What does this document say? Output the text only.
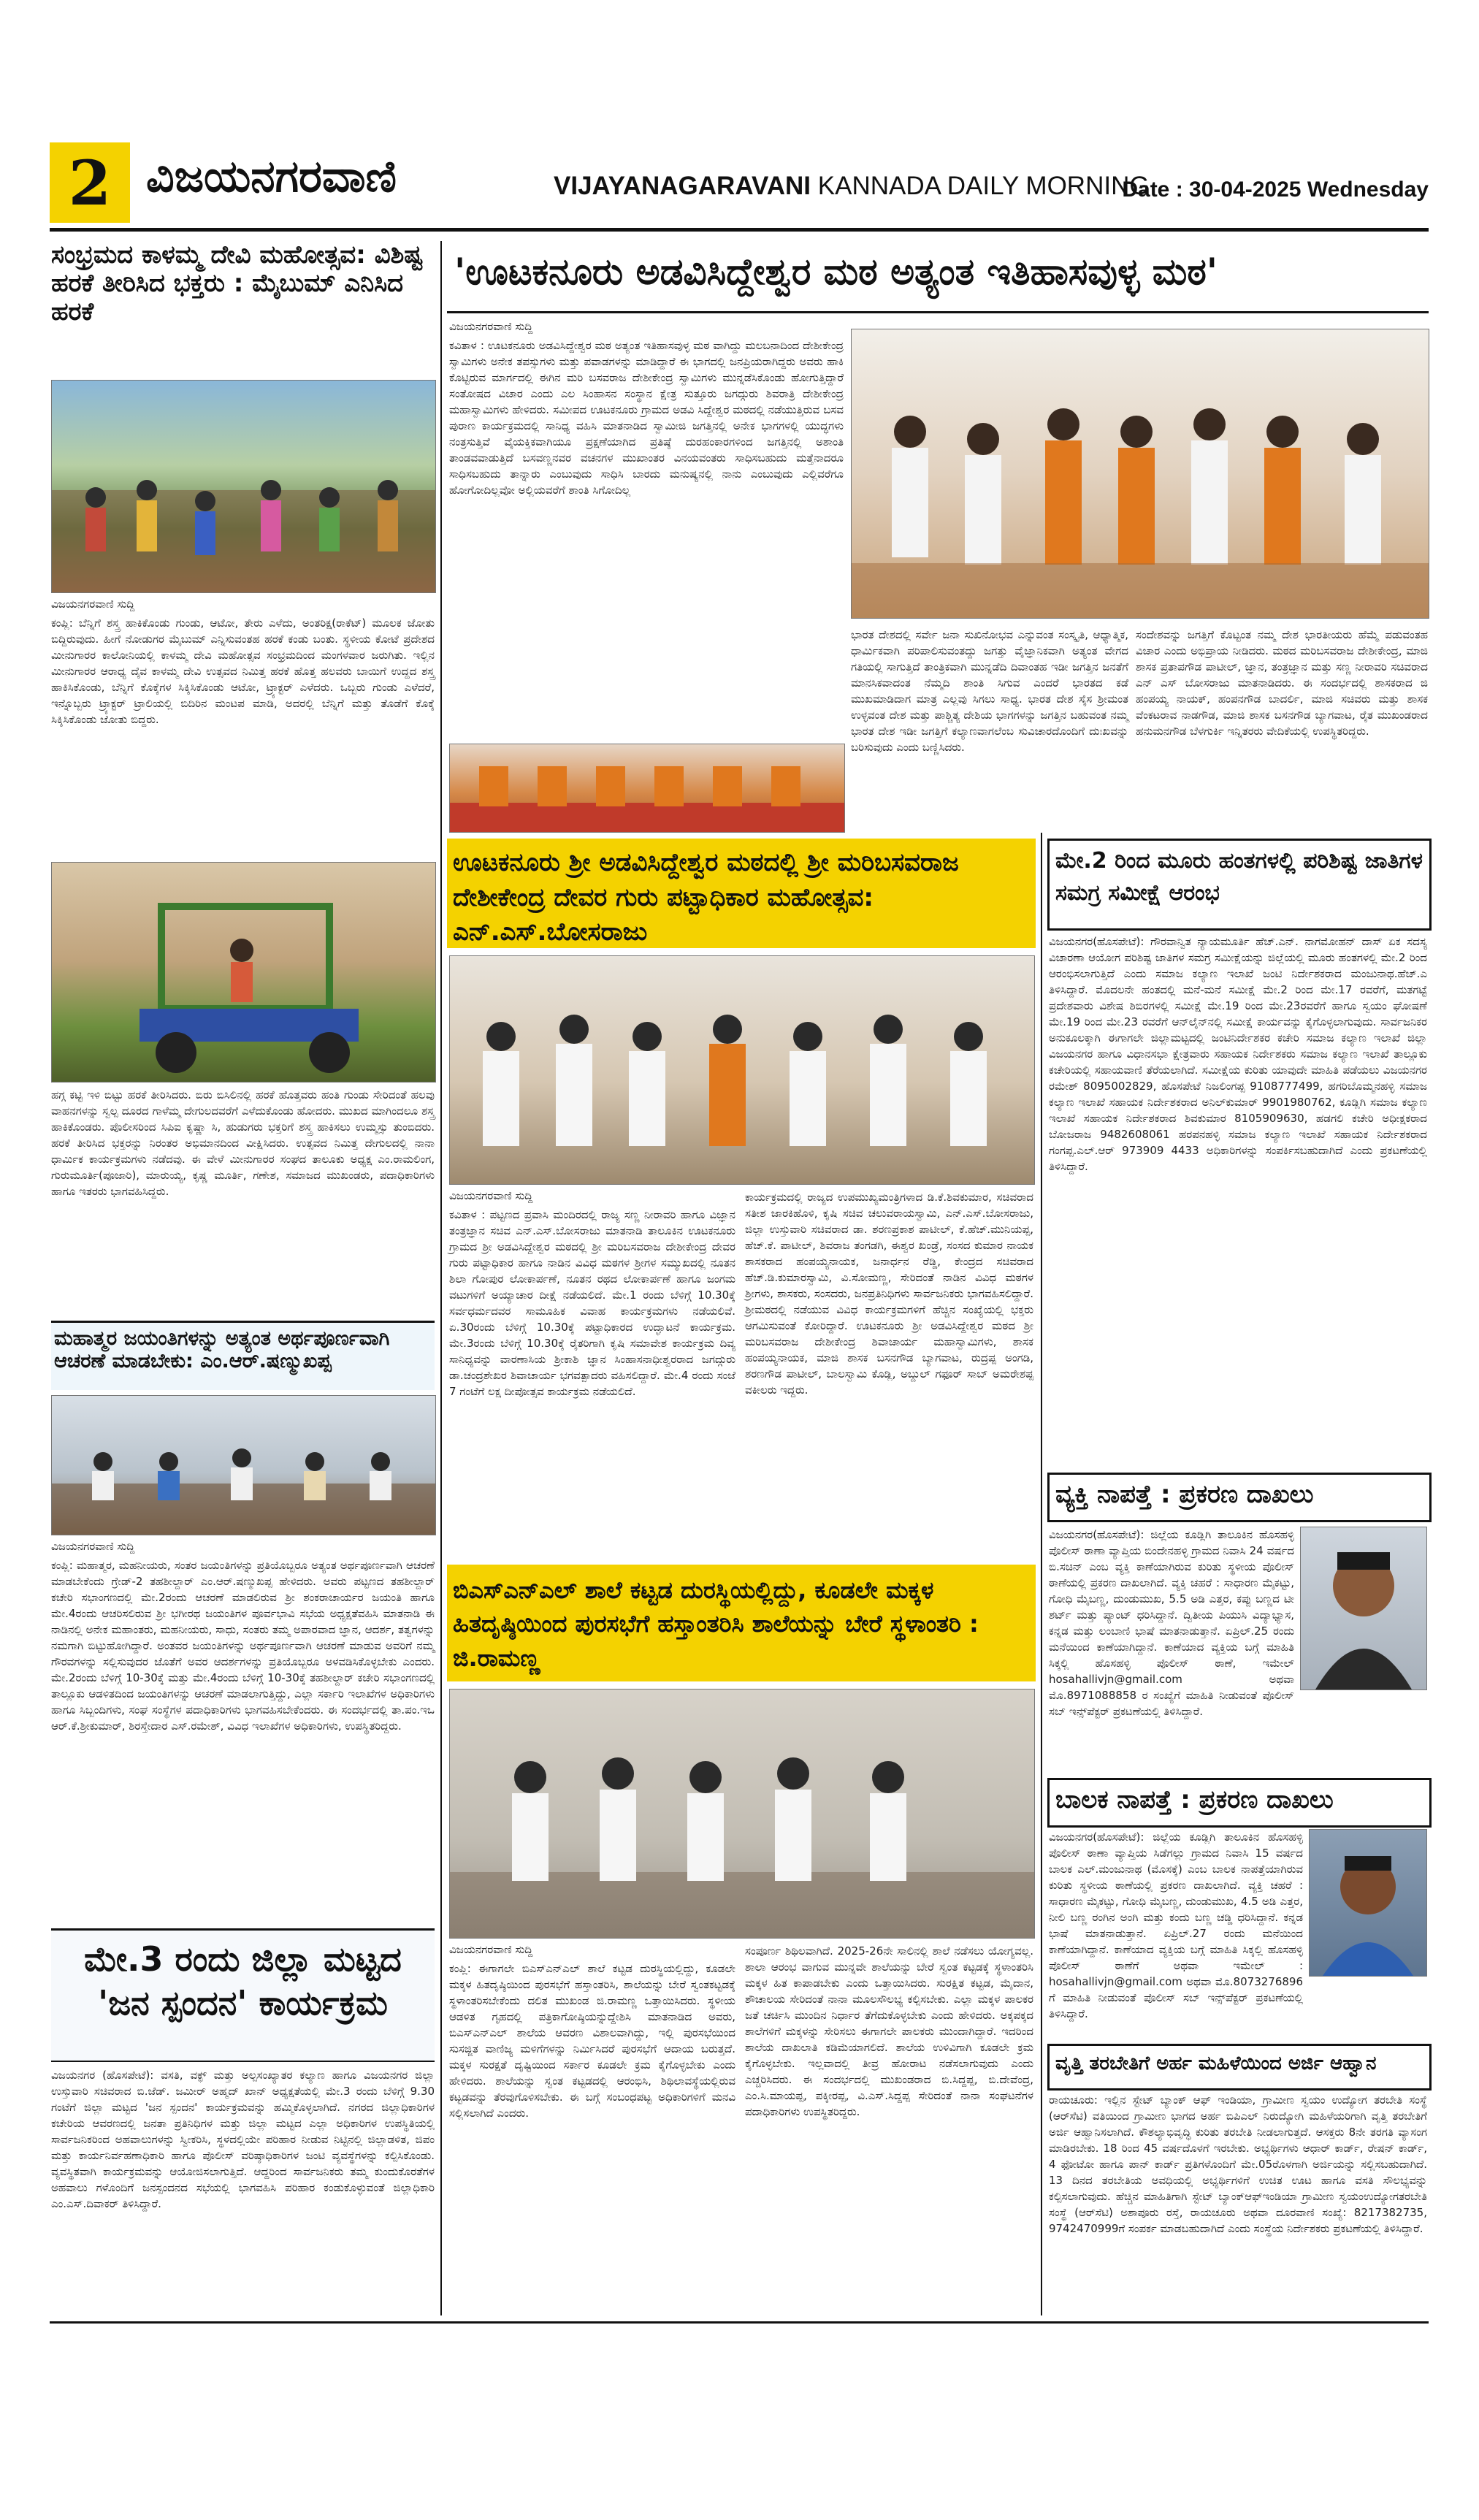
2 ವಿಜಯನಗರವಾಣಿ	VIJAYANAGARAVANI KANNADA DAILY MORNING
Date : 30-04-2025 Wednesday
ಸಂಭ್ರಮದ ಕಾಳಮ್ಮ ದೇವಿ ಮಹೋತ್ಸವ: ವಿಶಿಷ್ಟ ಹರಕೆ ತೀರಿಸಿದ ಭಕ್ತರು : ಮೈಬುಮ್ ಎನಿಸಿದ ಹರಕೆ
ವಿಜಯನಗರವಾಣಿ ಸುದ್ದಿ
ಕಂಪ್ಲಿ: ಬೆನ್ನಿಗೆ ಶಸ್ತ್ರ ಹಾಕಿಕೊಂಡು ಗುಂಡು, ಆಟೋ, ತೇರು ಎಳೆದು, ಅಂತರಿಕ್ಷ(ರಾಕೆಟ್) ಮೂಲಕ ಜೋತು ಬಿದ್ದಿರುವುದು. ಹೀಗೆ ನೋಡುಗರ ಮೈಬುಮ್ ಎನ್ನಿಸುವಂತಹ ಹರಕೆ ಕಂಡು ಬಂತು. ಸ್ಥಳೀಯ ಕೋಟೆ ಪ್ರದೇಶದ ಮೀನುಗಾರರ ಕಾಲೋನಿಯಲ್ಲಿ ಕಾಳಮ್ಮ ದೇವಿ ಮಹೋತ್ಸವ ಸಂಭ್ರಮದಿಂದ ಮಂಗಳವಾರ ಜರುಗಿತು. ಇಲ್ಲಿನ ಮೀನುಗಾರರ ಆರಾಧ್ಯ ದೈವ ಕಾಳಮ್ಮ ದೇವಿ ಉತ್ಸವದ ನಿಮಿತ್ತ ಹರಕೆ ಹೊತ್ತ ಹಲವರು ಬಾಯಿಗೆ ಉದ್ದದ ಶಸ್ತ್ರ ಹಾಕಿಸಿಕೊಂಡು, ಬೆನ್ನಿಗೆ ಕೊಕ್ಕೆಗಳ ಸಿಕ್ಕಿಸಿಕೊಂಡು ಆಟೋ, ಟ್ರ್ಯಾಕ್ಟರ್ ಎಳೆದರು. ಒಬ್ಬರು ಗುಂಡು ಎಳೆದರೆ, ಇನ್ನೊಬ್ಬರು ಟ್ರ್ಯಾಕ್ಟರ್ ಟ್ರಾಲಿಯಲ್ಲಿ ಬಿದಿರಿನ ಮಂಟಪ ಮಾಡಿ, ಅದರಲ್ಲಿ ಬೆನ್ನಿಗೆ ಮತ್ತು ತೊಡೆಗೆ ಕೊಕ್ಕೆ ಸಿಕ್ಕಿಸಿಕೊಂಡು ಜೋತು ಬಿದ್ದರು.
ಹಗ್ಗ ಕಟ್ಟಿ ಇಳಿ ಬಿಟ್ಟು ಹರಕೆ ತೀರಿಸಿದರು. ಬಿರು ಬಿಸಿಲಿನಲ್ಲಿ ಹರಕೆ ಹೊತ್ತವರು ಹಂತಿ ಗುಂಡು ಸೇರಿದಂತೆ ಹಲವು ವಾಹನಗಳನ್ನು ಸ್ವಲ್ಪ ದೂರದ ಗಾಳೆಮ್ಮ ದೇಗುಲದವರೆಗೆ ಎಳೆದುಕೊಂಡು ಹೋದರು. ಮುಖದ ಮಾಗಿಂದಲೂ ಶಸ್ತ್ರ ಹಾಕಿಕೊಂಡರು. ಪೊಲೀಸರಿಂದ ಸಿಪಿಐ ಕೃಷ್ಣಾ ಸಿ, ಹುಡುಗರು ಭಕ್ತರಿಗೆ ಶಸ್ತ್ರ ಹಾಕಿಸಲು ಉಮ್ಮಸ್ಸು ತುಂಬಿದರು. ಹರಕೆ ತೀರಿಸಿದ ಭಕ್ತರನ್ನು ನಿರಂತರ ಅಭಿಮಾನದಿಂದ ವೀಕ್ಷಿಸಿದರು. ಉತ್ಸವದ ನಿಮಿತ್ತ ದೇಗುಲದಲ್ಲಿ ನಾನಾ ಧಾರ್ಮಿಕ ಕಾರ್ಯಕ್ರಮಗಳು ನಡೆದವು. ಈ ವೇಳೆ ಮೀನುಗಾರರ ಸಂಘದ ತಾಲೂಕು ಅಧ್ಯಕ್ಷ ಎಂ.ರಾಮಲಿಂಗ, ಗುರುಮೂರ್ತಿ(ಪೂಜಾರಿ), ಮಾರುಯ್ಯ, ಕೃಷ್ಣ ಮೂರ್ತಿ, ಗಣೇಶ, ಸಮಾಜದ ಮುಖಂಡರು, ಪದಾಧಿಕಾರಿಗಳು ಹಾಗೂ ಇತರರು ಭಾಗವಹಿಸಿದ್ದರು.
ಮಹಾತ್ಮರ ಜಯಂತಿಗಳನ್ನು ಅತ್ಯಂತ ಅರ್ಥಪೂರ್ಣವಾಗಿ ಆಚರಣೆ ಮಾಡಬೇಕು: ಎಂ.ಆರ್.ಷಣ್ಮುಖಪ್ಪ
ವಿಜಯನಗರವಾಣಿ ಸುದ್ದಿ
ಕಂಪ್ಲಿ: ಮಹಾತ್ಮರ, ಮಹನೀಯರು, ಸಂತರ ಜಯಂತಿಗಳನ್ನು ಪ್ರತಿಯೊಬ್ಬರೂ ಅತ್ಯಂತ ಅರ್ಥಪೂರ್ಣವಾಗಿ ಆಚರಣೆ ಮಾಡಬೇಕೆಂದು ಗ್ರೇಡ್-2 ತಹಶೀಲ್ದಾರ್ ಎಂ.ಆರ್.ಷಣ್ಮುಖಪ್ಪ ಹೇಳಿದರು. ಅವರು ಪಟ್ಟಣದ ತಹಶೀಲ್ದಾರ್ ಕಚೇರಿ ಸಭಾಂಗಣದಲ್ಲಿ ಮೇ.2ರಂದು ಆಚರಣೆ ಮಾಡಲಿರುವ ಶ್ರೀ ಶಂಕರಾಚಾರ್ಯರ ಜಯಂತಿ ಹಾಗೂ ಮೇ.4ರಂದು ಆಚರಿಸಲಿರುವ ಶ್ರೀ ಭಗೀರಥ ಜಯಂತಿಗಳ ಪೂರ್ವಭಾವಿ ಸಭೆಯ ಅಧ್ಯಕ್ಷತೆವಹಿಸಿ ಮಾತನಾಡಿ ಈ ನಾಡಿನಲ್ಲಿ ಅನೇಕ ಮಹಾಂತರು, ಮಹನೀಯರು, ಸಾಧು, ಸಂತರು ತಮ್ಮ ಅಪಾರವಾದ ಜ್ಞಾನ, ಆದರ್ಶ, ತತ್ವಗಳನ್ನು ನಮಗಾಗಿ ಬಿಟ್ಟುಹೋಗಿದ್ದಾರೆ. ಅಂತವರ ಜಯಂತಿಗಳನ್ನು ಅರ್ಥಪೂರ್ಣವಾಗಿ ಆಚರಣೆ ಮಾಡುವ ಅವರಿಗೆ ನಮ್ಮ ಗೌರವಗಳನ್ನು ಸಲ್ಲಿಸುವುದರ ಜೊತೆಗೆ ಅವರ ಆದರ್ಶಗಳನ್ನು ಪ್ರತಿಯೊಬ್ಬರೂ ಅಳವಡಿಸಿಕೊಳ್ಳಬೇಕು ಎಂದರು. ಮೇ.2ರಂದು ಬೆಳಿಗ್ಗೆ 10-30ಕ್ಕೆ ಮತ್ತು ಮೇ.4ರಂದು ಬೆಳಿಗ್ಗೆ 10-30ಕ್ಕೆ ತಹಶೀಲ್ದಾರ್ ಕಚೇರಿ ಸಭಾಂಗಣದಲ್ಲಿ ತಾಲ್ಲೂಕು ಆಡಳಿತದಿಂದ ಜಯಂತಿಗಳನ್ನು ಆಚರಣೆ ಮಾಡಲಾಗುತ್ತಿದ್ದು, ಎಲ್ಲಾ ಸರ್ಕಾರಿ ಇಲಾಖೆಗಳ ಅಧಿಕಾರಿಗಳು ಹಾಗೂ ಸಿಬ್ಬಂದಿಗಳು, ಸಂಘ ಸಂಸ್ಥೆಗಳ ಪದಾಧಿಕಾರಿಗಳು ಭಾಗವಹಿಸಬೇಕೆಂದರು. ಈ ಸಂದರ್ಭದಲ್ಲಿ ತಾ.ಪಂ.ಇಒ ಆರ್.ಕೆ.ಶ್ರೀಕುಮಾರ್, ಶಿರಸ್ತೇದಾರ ಎಸ್.ರಮೇಶ್, ವಿವಿಧ ಇಲಾಖೆಗಳ ಅಧಿಕಾರಿಗಳು, ಉಪಸ್ಥಿತರಿದ್ದರು.
ಮೇ.3 ರಂದು ಜಿಲ್ಲಾ ಮಟ್ಟದ 'ಜನ ಸ್ಪಂದನ' ಕಾರ್ಯಕ್ರಮ
ವಿಜಯನಗರ (ಹೊಸಪೇಟೆ): ವಸತಿ, ವಕ್ಫ್ ಮತ್ತು ಅಲ್ಪಸಂಖ್ಯಾತರ ಕಲ್ಯಾಣ ಹಾಗೂ ವಿಜಯನಗರ ಜಿಲ್ಲಾ ಉಸ್ತುವಾರಿ ಸಚಿವರಾದ ಬಿ.ಜೆಡ್. ಜಮೀರ್ ಅಹ್ಮದ್ ಖಾನ್ ಅಧ್ಯಕ್ಷತೆಯಲ್ಲಿ ಮೇ.3 ರಂದು ಬೆಳಿಗ್ಗೆ 9.30 ಗಂಟೆಗೆ ಜಿಲ್ಲಾ ಮಟ್ಟದ 'ಜನ ಸ್ಪಂದನ' ಕಾರ್ಯಕ್ರಮವನ್ನು ಹಮ್ಮಿಕೊಳ್ಳಲಾಗಿದೆ. ನಗರದ ಜಿಲ್ಲಾಧಿಕಾರಿಗಳ ಕಚೇರಿಯ ಆವರಣದಲ್ಲಿ ಜನತಾ ಪ್ರತಿನಿಧಿಗಳ ಮತ್ತು ಜಿಲ್ಲಾ ಮಟ್ಟದ ಎಲ್ಲಾ ಅಧಿಕಾರಿಗಳ ಉಪಸ್ಥಿತಿಯಲ್ಲಿ ಸಾರ್ವಜನಿಕರಿಂದ ಅಹವಾಲುಗಳನ್ನು ಸ್ವೀಕರಿಸಿ, ಸ್ಥಳದಲ್ಲಿಯೇ ಪರಿಹಾರ ನೀಡುವ ನಿಟ್ಟಿನಲ್ಲಿ ಜಿಲ್ಲಾಡಳಿತ, ಜಿಪಂ ಮತ್ತು ಕಾರ್ಯನಿರ್ವಹಣಾಧಿಕಾರಿ ಹಾಗೂ ಪೊಲೀಸ್ ವರಿಷ್ಠಾಧಿಕಾರಿಗಳ ಜಂಟಿ ವ್ಯವಸ್ಥೆಗಳನ್ನು ಕಲ್ಪಿಸಿಕೊಂಡು. ವ್ಯವಸ್ಥಿತವಾಗಿ ಕಾರ್ಯಕ್ರಮವನ್ನು ಆಯೋಜಿಸಲಾಗುತ್ತಿದೆ. ಆದ್ದರಿಂದ ಸಾರ್ವಜನಿಕರು ತಮ್ಮ ಕುಂದುಕೊರತೆಗಳ ಅಹವಾಲು ಗಳೊಂದಿಗೆ ಜನಸ್ಪಂದನದ ಸಭೆಯಲ್ಲಿ ಭಾಗವಹಿಸಿ ಪರಿಹಾರ ಕಂಡುಕೊಳ್ಳುವಂತೆ ಜಿಲ್ಲಾಧಿಕಾರಿ ಎಂ.ಎಸ್.ದಿವಾಕರ್ ತಿಳಿಸಿದ್ದಾರೆ.
'ಊಟಕನೂರು ಅಡವಿಸಿದ್ದೇಶ್ವರ ಮಠ ಅತ್ಯಂತ ಇತಿಹಾಸವುಳ್ಳ ಮಠ'
ವಿಜಯನಗರವಾಣಿ ಸುದ್ದಿ
ಕವಿತಾಳ : ಊಟಕನೂರು ಅಡವಿಸಿದ್ದೇಶ್ವರ ಮಠ ಅತ್ಯಂತ ಇತಿಹಾಸವುಳ್ಳ ಮಠ ವಾಗಿದ್ದು ಮಲಬನಾದಿಂದ ದೇಶೀಕೇಂದ್ರ ಸ್ವಾಮಿಗಳು ಅನೇಕ ತಪಸ್ಸುಗಳು ಮತ್ತು ಪವಾಡಗಳನ್ನು ಮಾಡಿದ್ದಾರೆ ಈ ಭಾಗದಲ್ಲಿ ಜನಪ್ರಿಯರಾಗಿದ್ದರು ಅವರು ಹಾಕಿ ಕೊಟ್ಟಿರುವ ಮಾರ್ಗದಲ್ಲಿ ಈಗಿನ ಮರಿ ಬಸವರಾಜ ದೇಶೀಕೇಂದ್ರ ಸ್ವಾಮಿಗಳು ಮುನ್ನಡೆಸಿಕೊಂಡು ಹೋಗುತ್ತಿದ್ದಾರೆ ಸಂತೋಷದ ವಿಚಾರ ಎಂದು ಎಲ ಸಿಂಹಾಸನ ಸಂಸ್ಥಾನ ಕ್ಷೇತ್ರ ಸುತ್ತೂರು ಜಗದ್ಗುರು ಶಿವರಾತ್ರಿ ದೇಶೀಕೇಂದ್ರ ಮಹಾಸ್ವಾಮಿಗಳು ಹೇಳಿದರು. ಸಮೀಪದ ಊಟಕನೂರು ಗ್ರಾಮದ ಅಡವಿ ಸಿದ್ದೇಶ್ವರ ಮಠದಲ್ಲಿ ನಡೆಯುತ್ತಿರುವ ಬಸವ ಪುರಾಣ ಕಾರ್ಯಕ್ರಮದಲ್ಲಿ ಸಾನಿಧ್ಯ ವಹಿಸಿ ಮಾತನಾಡಿದ ಸ್ವಾಮೀಜಿ ಜಗತ್ತಿನಲ್ಲಿ ಅನೇಕ ಭಾಗಗಳಲ್ಲಿ ಯುದ್ಧಗಳು ನಂತ್ರಸುತ್ತಿವೆ ವೈಯಕ್ತಿಕವಾಗಿಯೂ ಪ್ರಕ್ಷಣೆಯಾಗಿದ ಪ್ರತಿಷ್ಠೆ ದುರಹಂಕಾರಗಳಿಂದ ಜಗತ್ತಿನಲ್ಲಿ ಅಶಾಂತಿ ತಾಂಡವವಾಡುತ್ತಿದೆ ಬಸವಣ್ಣನವರ ವಚನಗಳ ಮುಖಾಂತರ ವಿನಯವಂತರು ಸಾಧಿಸಬಹುದು ಮತ್ತೆನಾದರೂ ಸಾಧಿಸಬಹುದು ತಾನ್ನಾರು ಎಂಬುವುದು ಸಾಧಿಸಿ ಬಾರದು ಮನುಷ್ಯನಲ್ಲಿ ನಾನು ಎಂಬುವುದು ಎಲ್ಲಿವರೆಗೂ ಹೋಗೋದಿಲ್ಲವೋ ಅಲ್ಲಿಯವರೆಗೆ ಶಾಂತಿ ಸಿಗೋದಿಲ್ಲ
ಭಾರತ ದೇಶದಲ್ಲಿ ಸರ್ವೇ ಜನಾ ಸುಖಿನೋಭವ ಎನ್ನುವಂತ ಸಂಸ್ಕೃತಿ, ಆಧ್ಯಾತ್ಮಿಕ, ಧಾರ್ಮಿಕವಾಗಿ ಪರಿಪಾಲಿಸುವಂತದ್ದು ಜಗತ್ತು ವೈಜ್ಞಾನಿಕವಾಗಿ ಅತ್ಯಂತ ವೇಗದ ಗತಿಯಲ್ಲಿ ಸಾಗುತ್ತಿದೆ ತಾಂತ್ರಿಕವಾಗಿ ಮುನ್ನಡೆದಿ ದಿವಾಂತಹ ಇಡೀ ಜಗತ್ತಿನ ಜನತೆಗೆ ಮಾನಸಿಕವಾದಂತ ನೆಮ್ಮದಿ ಶಾಂತಿ ಸಿಗುವ ಎಂದರೆ ಭಾರತದ ಕಡೆ ಮುಖಮಾಡಿದಾಗ ಮಾತ್ರ ಎಲ್ಲವು ಸಿಗಲು ಸಾಧ್ಯ. ಭಾರತ ದೇಶ ಸೈಸ ಶ್ರೀಮಂತ ಉಳ್ಳವಂತ ದೇಶ ಮತ್ತು ಪಾಶ್ಚಿತ್ಯ ದೇಶಿಯ ಭಾಗಗಳನ್ನು ಜಗತ್ತಿನ ಬಹುವಂತ ನಮ್ಮ ಭಾರತ ದೇಶ ಇಡೀ ಜಗತ್ತಿಗೆ ಕಲ್ಯಾಣವಾಗಲೆಂಬ ಸುವಿಚಾರದೊಂದಿಗೆ ದುಃಖವನ್ನು ಬರಿಸುವುದು ಎಂದು ಬಣ್ಣಿಸಿದರು.
ಸಂದೇಶವನ್ನು ಜಗತ್ತಿಗೆ ಕೊಟ್ಟಂತ ನಮ್ಮ ದೇಶ ಭಾರತೀಯರು ಹೆಮ್ಮೆ ಪಡುವಂತಹ ವಿಚಾರ ಎಂದು ಅಭಿಪ್ರಾಯ ನೀಡಿದರು. ಮಠದ ಮರಿಬಸವರಾಜ ದೇಶೀಕೇಂದ್ರ, ಮಾಜಿ ಶಾಸಕ ಪ್ರತಾಪಗೌಡ ಪಾಟೀಲ್, ಜ್ಞಾನ, ತಂತ್ರಜ್ಞಾನ ಮತ್ತು ಸಣ್ಣ ನೀರಾವರಿ ಸಚಿವರಾದ ಎನ್ ಎಸ್ ಬೋಸರಾಜು ಮಾತನಾಡಿದರು. ಈ ಸಂದರ್ಭದಲ್ಲಿ ಶಾಸಕರಾದ ಜಿ ಹಂಪಯ್ಯ ನಾಯಕ್, ಹಂಪನಗೌಡ ಬಾದರ್ಲಿ, ಮಾಜಿ ಸಚಿವರು ಮತ್ತು ಶಾಸಕ ವೆಂಕಟರಾವ ನಾಡಗೌಡ, ಮಾಜಿ ಶಾಸಕ ಬಸನಗೌಡ ಬ್ಯಾಗವಾಟ, ರೈತ ಮುಖಂಡರಾದ ಹನುಮನಗೌಡ ಬೆಳಗುರ್ಕಿ ಇನ್ನಿತರರು ವೇದಿಕೆಯಲ್ಲಿ ಉಪಸ್ಥಿತರಿದ್ದರು.
ಊಟಕನೂರು ಶ್ರೀ ಅಡವಿಸಿದ್ದೇಶ್ವರ ಮಠದಲ್ಲಿ ಶ್ರೀ ಮರಿಬಸವರಾಜ ದೇಶೀಕೇಂದ್ರ ದೇವರ ಗುರು ಪಟ್ಟಾಧಿಕಾರ ಮಹೋತ್ಸವ: ಎನ್.ಎಸ್.ಬೋಸರಾಜು
ವಿಜಯನಗರವಾಣಿ ಸುದ್ದಿ
ಕವಿತಾಳ : ಪಟ್ಟಣದ ಪ್ರವಾಸಿ ಮಂದಿರದಲ್ಲಿ ರಾಜ್ಯ ಸಣ್ಣ ನೀರಾವರಿ ಹಾಗೂ ವಿಜ್ಞಾನ ತಂತ್ರಜ್ಞಾನ ಸಚಿವ ಎನ್.ಎಸ್.ಬೋಸರಾಜು ಮಾತನಾಡಿ ತಾಲೂಕಿನ ಊಟಕನೂರು ಗ್ರಾಮದ ಶ್ರೀ ಅಡವಿಸಿದ್ದೇಶ್ವರ ಮಠದಲ್ಲಿ ಶ್ರೀ ಮರಿಬಸವರಾಜ ದೇಶೀಕೇಂದ್ರ ದೇವರ ಗುರು ಪಟ್ಟಾಧಿಕಾರ ಹಾಗೂ ನಾಡಿನ ವಿವಿಧ ಮಠಗಳ ಶ್ರೀಗಳ ಸಮ್ಮುಖದಲ್ಲಿ ನೂತನ ಶಿಲಾ ಗೋಪುರ ಲೋಕಾರ್ಪಣೆ, ನೂತನ ರಥದ ಲೋಕಾರ್ಪಣೆ ಹಾಗೂ ಜಂಗಮ ವಟುಗಳಿಗೆ ಅಯ್ಯಾಚಾರ ದೀಕ್ಷೆ ನಡೆಯಲಿದೆ. ಮೇ.1 ರಂದು ಬೆಳಿಗ್ಗೆ 10.30ಕ್ಕೆ ಸರ್ವಧರ್ಮದವರ ಸಾಮೂಹಿಕ ವಿವಾಹ ಕಾರ್ಯಕ್ರಮಗಳು ನಡೆಯಲಿವೆ. ಏ.30ರಂದು ಬೆಳಿಗ್ಗೆ 10.30ಕ್ಕೆ ಪಟ್ಟಾಧಿಕಾರದ ಉದ್ಘಾಟನೆ ಕಾರ್ಯಕ್ರಮ. ಮೇ.3ರಂದು ಬೆಳಿಗ್ಗೆ 10.30ಕ್ಕೆ ರೈತರಿಗಾಗಿ ಕೃಷಿ ಸಮಾವೇಶ ಕಾರ್ಯಕ್ರಮ ದಿವ್ಯ ಸಾನಿಧ್ಯವನ್ನು ವಾರಣಾಸಿಯ ಶ್ರೀಕಾಶಿ ಜ್ಞಾನ ಸಿಂಹಾಸನಾಧೀಶ್ವರರಾದ ಜಗದ್ಗುರು ಡಾ.ಚಂದ್ರಶೇಖರ ಶಿವಾಚಾರ್ಯ ಭಗವತ್ಪಾದರು ವಹಿಸಲಿದ್ದಾರೆ. ಮೇ.4 ರಂದು ಸಂಜೆ 7 ಗಂಟೆಗೆ ಲಕ್ಷ ದೀಪೋತ್ಸವ ಕಾರ್ಯಕ್ರಮ ನಡೆಯಲಿದೆ.
ಕಾರ್ಯಕ್ರಮದಲ್ಲಿ ರಾಜ್ಯದ ಉಪಮುಖ್ಯಮಂತ್ರಿಗಳಾದ ಡಿ.ಕೆ.ಶಿವಕುಮಾರ, ಸಚಿವರಾದ ಸತೀಶ ಜಾರಕಿಹೊಳಿ, ಕೃಷಿ ಸಚಿವ ಚಲುವರಾಯಸ್ವಾಮಿ, ಎನ್.ಎಸ್.ಬೋಸರಾಜು, ಜಿಲ್ಲಾ ಉಸ್ತುವಾರಿ ಸಚಿವರಾದ ಡಾ. ಶರಣಪ್ರಕಾಶ ಪಾಟೀಲ್, ಕೆ.ಹೆಚ್.ಮುನಿಯಪ್ಪ, ಹೆಚ್.ಕೆ. ಪಾಟೀಲ್, ಶಿವರಾಜ ತಂಗಡಗಿ, ಈಶ್ವರ ಖಂಡ್ರೆ, ಸಂಸದ ಕುಮಾರ ನಾಯಕ ಶಾಸಕರಾದ ಹಂಪಯ್ಯನಾಯಕ, ಜನಾರ್ಧನ ರೆಡ್ಡಿ, ಕೇಂದ್ರದ ಸಚಿವರಾದ ಹೆಚ್.ಡಿ.ಕುಮಾರಸ್ವಾಮಿ, ವಿ.ಸೋಮಣ್ಣ, ಸೇರಿದಂತೆ ನಾಡಿನ ವಿವಿಧ ಮಠಗಳ ಶ್ರೀಗಳು, ಶಾಸಕರು, ಸಂಸದರು, ಜನಪ್ರತಿನಿಧಿಗಳು ಸಾರ್ವಜನಿಕರು ಭಾಗವಹಿಸಲಿದ್ದಾರೆ. ಶ್ರೀಮಠದಲ್ಲಿ ನಡೆಯುವ ವಿವಿಧ ಕಾರ್ಯಕ್ರಮಗಳಿಗೆ ಹೆಚ್ಚಿನ ಸಂಖ್ಯೆಯಲ್ಲಿ ಭಕ್ತರು ಆಗಮಿಸುವಂತೆ ಕೋರಿದ್ದಾರೆ. ಊಟಕನೂರು ಶ್ರೀ ಅಡವಿಸಿದ್ದೇಶ್ವರ ಮಠದ ಶ್ರೀ ಮರಿಬಸವರಾಜ ದೇಶೀಕೇಂದ್ರ ಶಿವಾಚಾರ್ಯ ಮಹಾಸ್ವಾಮಿಗಳು, ಶಾಸಕ ಹಂಪಯ್ಯನಾಯಕ, ಮಾಜಿ ಶಾಸಕ ಬಸನಗೌಡ ಬ್ಯಾಗವಾಟ, ರುದ್ರಪ್ಪ ಅಂಗಡಿ, ಶರಣಗೌಡ ಪಾಟೀಲ್, ಬಾಲಸ್ವಾಮಿ ಕೊಡ್ಲಿ, ಅಬ್ದುಲ್ ಗಫೂರ್ ಸಾಬ್ ಅಮರೇಶಪ್ಪ ವಕೀಲರು ಇದ್ದರು.
ಬಿಎಸ್ಎನ್ಎಲ್ ಶಾಲೆ ಕಟ್ಟಡ ದುರಸ್ಥಿಯಲ್ಲಿದ್ದು, ಕೂಡಲೇ ಮಕ್ಕಳ ಹಿತದೃಷ್ಠಿಯಿಂದ ಪುರಸಭೆಗೆ ಹಸ್ತಾಂತರಿಸಿ ಶಾಲೆಯನ್ನು ಬೇರೆ ಸ್ಥಳಾಂತರಿ : ಜಿ.ರಾಮಣ್ಣ
ವಿಜಯನಗರವಾಣಿ ಸುದ್ದಿ
ಕಂಪ್ಲಿ: ಈಗಾಗಲೇ ಬಿಎಸ್ಎನ್ಎಲ್ ಶಾಲೆ ಕಟ್ಟಡ ದುರಸ್ಥಿಯಲ್ಲಿದ್ದು, ಕೂಡಲೇ ಮಕ್ಕಳ ಹಿತದೃಷ್ಠಿಯಿಂದ ಪುರಸಭೆಗೆ ಹಸ್ತಾಂತರಿಸಿ, ಶಾಲೆಯನ್ನು ಬೇರೆ ಸ್ವಂತಕಟ್ಟಡಕ್ಕೆ ಸ್ಥಳಾಂತರಿಸಬೇಕೆಂದು ದಲಿತ ಮುಖಂಡ ಜಿ.ರಾಮಣ್ಣ ಒತ್ತಾಯಿಸಿದರು. ಸ್ಥಳೀಯ ಆಡಳಿತ ಗೃಹದಲ್ಲಿ ಪತ್ರಿಕಾಗೋಷ್ಠಿಯನ್ನುದ್ದೇಶಿಸಿ ಮಾತನಾಡಿದ ಅವರು, ಬಿಎಸ್ಎನ್ಎಲ್ ಶಾಲೆಯ ಆವರಣ ವಿಶಾಲವಾಗಿದ್ದು, ಇಲ್ಲಿ ಪುರಸಭೆಯಿಂದ ಸುಸಜ್ಜಿತ ವಾಣಿಜ್ಯ ಮಳಿಗೆಗಳನ್ನು ನಿರ್ಮಿಸಿದರೆ ಪುರಸಭೆಗೆ ಆದಾಯ ಬರುತ್ತದೆ. ಮಕ್ಕಳ ಸುರಕ್ಷತೆ ದೃಷ್ಟಿಯಿಂದ ಸರ್ಕಾರ ಕೂಡಲೇ ಕ್ರಮ ಕೈಗೊಳ್ಳಬೇಕು ಎಂದು ಹೇಳಿದರು. ಶಾಲೆಯನ್ನು ಸ್ವಂತ ಕಟ್ಟಡದಲ್ಲಿ ಆರಂಭಿಸಿ, ಶಿಥಿಲಾವಸ್ಥೆಯಲ್ಲಿರುವ ಕಟ್ಟಡವನ್ನು ತೆರವುಗೊಳಿಸಬೇಕು. ಈ ಬಗ್ಗೆ ಸಂಬಂಧಪಟ್ಟ ಅಧಿಕಾರಿಗಳಿಗೆ ಮನವಿ ಸಲ್ಲಿಸಲಾಗಿದೆ ಎಂದರು.
ಸಂಪೂರ್ಣ ಶಿಥಿಲವಾಗಿದೆ. 2025-26ನೇ ಸಾಲಿನಲ್ಲಿ ಶಾಲೆ ನಡೆಸಲು ಯೋಗ್ಯವಲ್ಲ. ಶಾಲಾ ಆರಂಭ ವಾಗುವ ಮುನ್ನವೇ ಶಾಲೆಯನ್ನು ಬೇರೆ ಸ್ವಂತ ಕಟ್ಟಡಕ್ಕೆ ಸ್ಥಳಾಂತರಿಸಿ ಮಕ್ಕಳ ಹಿತ ಕಾಪಾಡಬೇಕು ಎಂದು ಒತ್ತಾಯಿಸಿದರು. ಸುರಕ್ಷಿತ ಕಟ್ಟಡ, ಮೈದಾನ, ಶೌಚಾಲಯ ಸೇರಿದಂತೆ ನಾನಾ ಮೂಲಸೌಲಭ್ಯ ಕಲ್ಪಿಸಬೇಕು. ಎಲ್ಲಾ ಮಕ್ಕಳ ಪಾಲಕರ ಜತೆ ಚರ್ಚಿಸಿ ಮುಂದಿನ ನಿರ್ಧಾರ ತೆಗೆದುಕೊಳ್ಳಬೇಕು ಎಂದು ಹೇಳಿದರು. ಅಕ್ಕಪಕ್ಕದ ಶಾಲೆಗಳಿಗೆ ಮಕ್ಕಳನ್ನು ಸೇರಿಸಲು ಈಗಾಗಲೇ ಪಾಲಕರು ಮುಂದಾಗಿದ್ದಾರೆ. ಇದರಿಂದ ಶಾಲೆಯ ದಾಖಲಾತಿ ಕಡಿಮೆಯಾಗಲಿದೆ. ಶಾಲೆಯ ಉಳಿವಿಗಾಗಿ ಕೂಡಲೇ ಕ್ರಮ ಕೈಗೊಳ್ಳಬೇಕು. ಇಲ್ಲವಾದಲ್ಲಿ ತೀವ್ರ ಹೋರಾಟ ನಡೆಸಲಾಗುವುದು ಎಂದು ಎಚ್ಚರಿಸಿದರು. ಈ ಸಂದರ್ಭದಲ್ಲಿ ಮುಖಂಡರಾದ ಬಿ.ಸಿದ್ದಪ್ಪ, ಬಿ.ದೇವೆಂದ್ರ, ಎಂ.ಸಿ.ಮಾಯಪ್ಪ, ಪಕ್ಕೀರಪ್ಪ, ವಿ.ಎಸ್.ಸಿದ್ದಪ್ಪ ಸೇರಿದಂತೆ ನಾನಾ ಸಂಘಟನೆಗಳ ಪದಾಧಿಕಾರಿಗಳು ಉಪಸ್ಥಿತರಿದ್ದರು.
ಮೇ.2 ರಿಂದ ಮೂರು ಹಂತಗಳಲ್ಲಿ ಪರಿಶಿಷ್ಟ ಜಾತಿಗಳ ಸಮಗ್ರ ಸಮೀಕ್ಷೆ ಆರಂಭ
ವಿಜಯನಗರ(ಹೊಸಪೇಟೆ): ಗೌರವಾನ್ವಿತ ನ್ಯಾಯಮೂರ್ತಿ ಹೆಚ್.ಎನ್. ನಾಗಮೋಹನ್ ದಾಸ್ ಏಕ ಸದಸ್ಯ ವಿಚಾರಣಾ ಆಯೋಗ ಪರಿಶಿಷ್ಟ ಜಾತಿಗಳ ಸಮಗ್ರ ಸಮೀಕ್ಷೆಯನ್ನು ಜಿಲ್ಲೆಯಲ್ಲಿ ಮೂರು ಹಂತಗಳಲ್ಲಿ ಮೇ.2 ರಿಂದ ಆರಂಭಿಸಲಾಗುತ್ತಿದೆ ಎಂದು ಸಮಾಜ ಕಲ್ಯಾಣ ಇಲಾಖೆ ಜಂಟಿ ನಿರ್ದೇಶಕರಾದ ಮಂಜುನಾಥ.ಹೆಚ್.ಎ ತಿಳಿಸಿದ್ದಾರೆ. ಮೊದಲನೇ ಹಂತದಲ್ಲಿ ಮನೆ-ಮನೆ ಸಮೀಕ್ಷೆ ಮೇ.2 ರಿಂದ ಮೇ.17 ರವರೆಗೆ, ಮತಗಟ್ಟೆ ಪ್ರದೇಶವಾರು ವಿಶೇಷ ಶಿಬಿರಗಳಲ್ಲಿ ಸಮೀಕ್ಷೆ ಮೇ.19 ರಿಂದ ಮೇ.23ರವರೆಗೆ ಹಾಗೂ ಸ್ವಯಂ ಘೋಷಣೆ ಮೇ.19 ರಿಂದ ಮೇ.23 ರವರೆಗೆ ಆನ್‌ಲೈನ್‌ನಲ್ಲಿ ಸಮೀಕ್ಷೆ ಕಾರ್ಯವನ್ನು ಕೈಗೊಳ್ಳಲಾಗುವುದು. ಸಾರ್ವಜನಿಕರ ಅನುಕೂಲಕ್ಕಾಗಿ ಈಗಾಗಲೇ ಜಿಲ್ಲಾಮಟ್ಟದಲ್ಲಿ ಜಂಟಿನಿರ್ದೇಶಕರ ಕಚೇರಿ ಸಮಾಜ ಕಲ್ಯಾಣ ಇಲಾಖೆ ಜಿಲ್ಲಾ ವಿಜಯನಗರ ಹಾಗೂ ವಿಧಾನಸಭಾ ಕ್ಷೇತ್ರವಾರು ಸಹಾಯಕ ನಿರ್ದೇಶಕರು ಸಮಾಜ ಕಲ್ಯಾಣ ಇಲಾಖೆ ತಾಲ್ಲೂಕು ಕಚೇರಿಯಲ್ಲಿ ಸಹಾಯವಾಣಿ ತೆರೆಯಲಾಗಿದೆ. ಸಮೀಕ್ಷೆಯ ಕುರಿತು ಯಾವುದೇ ಮಾಹಿತಿ ಪಡೆಯಲು ವಿಜಯನಗರ ರಮೇಶ್ 8095002829, ಹೊಸಪೇಟೆ ನಿಜಲಿಂಗಪ್ಪ 9108777499, ಹಗರಿಬೊಮ್ಮನಹಳ್ಳಿ ಸಮಾಜ ಕಲ್ಯಾಣ ಇಲಾಖೆ ಸಹಾಯಕ ನಿರ್ದೇಶಕರಾದ ಅನಿಲ್‌ಕುಮಾರ್ 9901980762, ಕೂಡ್ಲಿಗಿ ಸಮಾಜ ಕಲ್ಯಾಣ ಇಲಾಖೆ ಸಹಾಯಕ ನಿರ್ದೇಶಕರಾದ ಶಿವಕುಮಾರ 8105909630, ಹಡಗಲಿ ಕಚೇರಿ ಅಧೀಕ್ಷಕರಾದ ಬೋಜರಾಜ 9482608061 ಹರಪನಹಳ್ಳಿ ಸಮಾಜ ಕಲ್ಯಾಣ ಇಲಾಖೆ ಸಹಾಯಕ ನಿರ್ದೇಶಕರಾದ ಗಂಗಪ್ಪ.ಎಲ್.ಆರ್ 973909 4433 ಅಧಿಕಾರಿಗಳನ್ನು ಸಂಪರ್ಕಿಸಬಹುದಾಗಿದೆ ಎಂದು ಪ್ರಕಟಣೆಯಲ್ಲಿ ತಿಳಿಸಿದ್ದಾರೆ.
ವ್ಯಕ್ತಿ ನಾಪತ್ತೆ : ಪ್ರಕರಣ ದಾಖಲು
ವಿಜಯನಗರ(ಹೊಸಪೇಟೆ): ಜಿಲ್ಲೆಯ ಕೂಡ್ಲಿಗಿ ತಾಲೂಕಿನ ಹೊಸಹಳ್ಳಿ ಪೊಲೀಸ್ ಠಾಣಾ ವ್ಯಾಪ್ತಿಯ ಬಿಂದೇನಹಳ್ಳಿ ಗ್ರಾಮದ ನಿವಾಸಿ 24 ವರ್ಷದ ಬಿ.ಸಚಿನ್ ಎಂಬ ವ್ಯಕ್ತಿ ಕಾಣೆಯಾಗಿರುವ ಕುರಿತು ಸ್ಥಳೀಯ ಪೊಲೀಸ್ ಠಾಣೆಯಲ್ಲಿ ಪ್ರಕರಣ ದಾಖಲಾಗಿದೆ. ವ್ಯಕ್ತಿ ಚಹರೆ : ಸಾಧಾರಣ ಮೈಕಟ್ಟು, ಗೋಧಿ ಮೈಬಣ್ಣ, ದುಂಡುಮುಖ, 5.5 ಅಡಿ ಎತ್ತರ, ಕಪ್ಪು ಬಣ್ಣದ ಟೀ ಶರ್ಟ್ ಮತ್ತು ಪ್ಯಾಂಟ್ ಧರಿಸಿದ್ದಾನೆ. ದ್ವಿತೀಯ ಪಿಯುಸಿ ವಿದ್ಯಾಭ್ಯಾಸ, ಕನ್ನಡ ಮತ್ತು ಲಂಬಾಣಿ ಭಾಷೆ ಮಾತನಾಡುತ್ತಾನೆ. ಏಪ್ರಿಲ್.25 ರಂದು ಮನೆಯಿಂದ ಕಾಣೆಯಾಗಿದ್ದಾನೆ. ಕಾಣೆಯಾದ ವ್ಯಕ್ತಿಯ ಬಗ್ಗೆ ಮಾಹಿತಿ ಸಿಕ್ಕಲ್ಲಿ ಹೊಸಹಳ್ಳಿ ಪೊಲೀಸ್ ಠಾಣೆ, ಇಮೇಲ್ hosahallivjn@gmail.com ಅಥವಾ ಮೊ.8971088858 ರ ಸಂಖ್ಯೆಗೆ ಮಾಹಿತಿ ನೀಡುವಂತೆ ಪೊಲೀಸ್ ಸಬ್ ಇನ್ಸ್‌ಪೆಕ್ಟರ್ ಪ್ರಕಟಣೆಯಲ್ಲಿ ತಿಳಿಸಿದ್ದಾರೆ.
ಬಾಲಕ ನಾಪತ್ತೆ : ಪ್ರಕರಣ ದಾಖಲು
ವಿಜಯನಗರ(ಹೊಸಪೇಟೆ): ಜಿಲ್ಲೆಯ ಕೂಡ್ಲಿಗಿ ತಾಲೂಕಿನ ಹೊಸಹಳ್ಳಿ ಪೊಲೀಸ್ ಠಾಣಾ ವ್ಯಾಪ್ತಿಯ ಸಿಡೆಗಲ್ಲು ಗ್ರಾಮದ ನಿವಾಸಿ 15 ವರ್ಷದ ಬಾಲಕ ಎಲ್.ಮಂಜುನಾಥ (ಮೊಸಕ್ಕೆ) ಎಂಬ ಬಾಲಕ ನಾಪತ್ತೆಯಾಗಿರುವ ಕುರಿತು ಸ್ಥಳೀಯ ಠಾಣೆಯಲ್ಲಿ ಪ್ರಕರಣ ದಾಖಲಾಗಿದೆ. ವ್ಯಕ್ತಿ ಚಹರೆ : ಸಾಧಾರಣ ಮೈಕಟ್ಟು, ಗೋಧಿ ಮೈಬಣ್ಣ, ದುಂಡುಮುಖ, 4.5 ಅಡಿ ಎತ್ತರ, ನೀಲಿ ಬಣ್ಣ ರಂಗಿನ ಅಂಗಿ ಮತ್ತು ಕಂದು ಬಣ್ಣ ಚಡ್ಡಿ ಧರಿಸಿದ್ದಾನೆ. ಕನ್ನಡ ಭಾಷೆ ಮಾತನಾಡುತ್ತಾನೆ. ಏಪ್ರಿಲ್.27 ರಂದು ಮನೆಯಿಂದ ಕಾಣೆಯಾಗಿದ್ದಾನೆ. ಕಾಣೆಯಾದ ವ್ಯಕ್ತಿಯ ಬಗ್ಗೆ ಮಾಹಿತಿ ಸಿಕ್ಕಲ್ಲಿ ಹೊಸಹಳ್ಳಿ ಪೊಲೀಸ್ ಠಾಣೆಗೆ ಅಥವಾ ಇಮೇಲ್ : hosahallivjn@gmail.com ಅಥವಾ ಮೊ.8073276896 ಗೆ ಮಾಹಿತಿ ನೀಡುವಂತೆ ಪೊಲೀಸ್ ಸಬ್ ಇನ್ಸ್‌ಪೆಕ್ಟರ್ ಪ್ರಕಟಣೆಯಲ್ಲಿ ತಿಳಿಸಿದ್ದಾರೆ.
ವೃತ್ತಿ ತರಬೇತಿಗೆ ಅರ್ಹ ಮಹಿಳೆಯಿಂದ ಅರ್ಜಿ ಆಹ್ವಾನ
ರಾಯಚೂರು: ಇಲ್ಲಿನ ಸ್ಟೇಟ್ ಬ್ಯಾಂಕ್ ಆಫ್ ಇಂಡಿಯಾ, ಗ್ರಾಮೀಣ ಸ್ವಯಂ ಉದ್ಯೋಗ ತರಬೇತಿ ಸಂಸ್ಥೆ (ಆರ್‌ಸೆಟಿ) ವತಿಯಿಂದ ಗ್ರಾಮೀಣ ಭಾಗದ ಅರ್ಹ ಬಿಪಿಎಲ್ ನಿರುದ್ಯೋಗಿ ಮಹಿಳೆಯರಿಗಾಗಿ ವೃತ್ತಿ ತರಬೇತಿಗೆ ಅರ್ಜಿ ಆಹ್ವಾನಿಸಲಾಗಿದೆ. ಕೌಶಲ್ಯಾಭಿವೃದ್ಧಿ ಕುರಿತು ತರಬೇತಿ ನೀಡಲಾಗುತ್ತದೆ. ಆಸಕ್ತರು 8ನೇ ತರಗತಿ ವ್ಯಾಸಂಗ ಮಾಡಿರಬೇಕು. 18 ರಿಂದ 45 ವರ್ಷದೊಳಗೆ ಇರಬೇಕು. ಅಭ್ಯರ್ಥಿಗಳು ಆಧಾರ್ ಕಾರ್ಡ್, ರೇಷನ್ ಕಾರ್ಡ್, 4 ಫೋಟೋ ಹಾಗೂ ಪಾನ್ ಕಾರ್ಡ್ ಪ್ರತಿಗಳೊಂದಿಗೆ ಮೇ.05ರೊಳಗಾಗಿ ಅರ್ಜಿಯನ್ನು ಸಲ್ಲಿಸಬಹುದಾಗಿದೆ. 13 ದಿನದ ತರಬೇತಿಯ ಅವಧಿಯಲ್ಲಿ ಅಭ್ಯರ್ಥಿಗಳಿಗೆ ಉಚಿತ ಊಟ ಹಾಗೂ ವಸತಿ ಸೌಲಭ್ಯವನ್ನು ಕಲ್ಪಿಸಲಾಗುವುದು. ಹೆಚ್ಚಿನ ಮಾಹಿತಿಗಾಗಿ ಸ್ಟೇಟ್ ಬ್ಯಾಂಕ್‌ಆಫ್‌ಇಂಡಿಯಾ ಗ್ರಾಮೀಣ ಸ್ವಯಂಉದ್ಯೋಗತರಬೇತಿ ಸಂಸ್ಥೆ (ಆರ್‌ಸೆಟಿ) ಅಶಾಪೂರು ರಸ್ತೆ, ರಾಯಚೂರು ಅಥವಾ ದೂರವಾಣಿ ಸಂಖ್ಯೆ: 8217382735, 9742470999ಗೆ ಸಂಪರ್ಕ ಮಾಡಬಹುದಾಗಿದೆ ಎಂದು ಸಂಸ್ಥೆಯ ನಿರ್ದೇಶಕರು ಪ್ರಕಟಣೆಯಲ್ಲಿ ತಿಳಿಸಿದ್ದಾರೆ.
